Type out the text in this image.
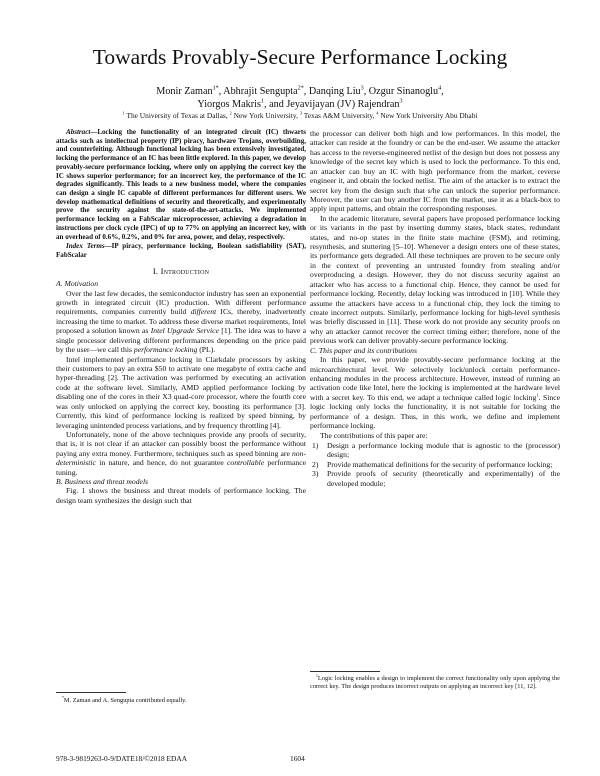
Towards Provably-Secure Performance Locking
Monir Zaman$^{1*}$, Abhrajit Sengupta$^{2*}$, Danqing Liu$^3$, Ozgur Sinanoglu$^4$,
Yiorgos Makris$^1$, and Jeyavijayan (JV) Rajendran$^3$
$^1$ The University of Texas at Dallas, $^2$ New York University, $^3$ Texas A&M University, $^4$ New York University Abu Dhabi

Abstract—Locking the functionality of an integrated circuit (IC) thwarts attacks such as intellectual property (IP) piracy, hardware Trojans, overbuilding, and counterfeiting. Although functional locking has been extensively investigated, locking the performance of an IC has been little explored. In this paper, we develop provably-secure performance locking, where only on applying the correct key the IC shows superior performance; for an incorrect key, the performance of the IC degrades significantly. This leads to a new business model, where the companies can design a single IC capable of different performances for different users. We develop mathematical definitions of security and theoretically, and experimentally prove the security against the state-of-the-art-attacks. We implemented performance locking on a FabScalar microprocessor, achieving a degradation in instructions per clock cycle (IPC) of up to 77% on applying an incorrect key, with an overhead of 0.6%, 0.2%, and 0% for area, power, and delay, respectively.

Index Terms—IP piracy, performance locking, Boolean satisfiability (SAT), FabScalar

I. Introduction

A. Motivation

Over the last few decades, the semiconductor industry has seen an exponential growth in integrated circuit (IC) production. With different performance requirements, companies currently build different ICs, thereby, inadvertently increasing the time to market. To address these diverse market requirements, Intel proposed a solution known as Intel Upgrade Service [1]. The idea was to have a single processor delivering different performances depending on the price paid by the user—we call this performance locking (PL).

Intel implemented performance locking in Clarkdale processors by asking their customers to pay an extra $50 to activate one megabyte of extra cache and hyper-threading [2]. The activation was performed by executing an activation code at the software level. Similarly, AMD applied performance locking by disabling one of the cores in their X3 quad-core processor, where the fourth core was only unlocked on applying the correct key, boosting its performance [3]. Currently, this kind of performance locking is realized by speed binning, by leveraging unintended process variations, and by frequency throttling [4].

Unfortunately, none of the above techniques provide any proofs of security, that is, it is not clear if an attacker can possibly boost the performance without paying any extra money. Furthermore, techniques such as speed binning are non-deterministic in nature, and hence, do not guarantee controllable performance tuning.

B. Business and threat models

Fig. 1 shows the business and threat models of performance locking. The design team synthesizes the design such that

the processor can deliver both high and low performances. In this model, the attacker can reside at the foundry or can be the end-user. We assume the attacker has access to the reverse-engineered netlist of the design but does not possess any knowledge of the secret key which is used to lock the performance. To this end, an attacker can buy an IC with high performance from the market, reverse engineer it, and obtain the locked netlist. The aim of the attacker is to extract the secret key from the design such that s/he can unlock the superior performance. Moreover, the user can buy another IC from the market, use it as a black-box to apply input patterns, and obtain the corresponding responses.

In the academic literature, several papers have proposed performance locking or its variants in the past by inserting dummy states, black states, redundant states, and no-op states in the finite state machine (FSM), and retiming, resynthesis, and stuttering [5–10]. Whenever a design enters one of these states, its performance gets degraded. All these techniques are proven to be secure only in the context of preventing an untrusted foundry from stealing and/or overproducing a design. However, they do not discuss security against an attacker who has access to a functional chip. Hence, they cannot be used for performance locking. Recently, delay locking was introduced in [10]. While they assume the attackers have access to a functional chip, they lock the timing to create incorrect outputs. Similarly, performance locking for high-level synthesis was briefly discussed in [11]. These work do not provide any security proofs on why an attacker cannot recover the correct timing either; therefore, none of the previous work can deliver provably-secure performance locking.

C. This paper and its contributions

In this paper, we provide provably-secure performance locking at the microarchitectural level. We selectively lock/unlock certain performance-enhancing modules in the process architecture. However, instead of running an activation code like Intel, here the locking is implemented at the hardware level with a secret key. To this end, we adapt a technique called logic locking$^1$. Since logic locking only locks the functionality, it is not suitable for locking the performance of a design. Thus, in this work, we define and implement performance locking.

The contributions of this paper are:

1) Design a performance locking module that is agnostic to the (processor) design;
2) Provide mathematical definitions for the security of performance locking;
3) Provide proofs of security (theoretically and experimentally) of the developed module;
*M. Zaman and A. Sengupta contributed equally.
$^1$Logic locking enables a design to implement the correct functionality only upon applying the correct key. The design produces incorrect outputs on applying an incorrect key [11, 12].
978-3-9819263-0-9/DATE18/©2018 EDAA	1604
